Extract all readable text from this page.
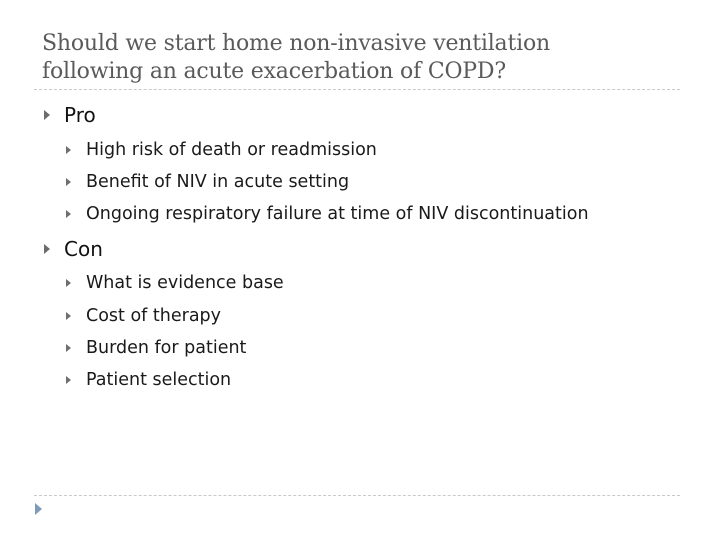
Should we start home non-invasive ventilation
following an acute exacerbation of COPD?
Pro
High risk of death or readmission
Benefit of NIV in acute setting
Ongoing respiratory failure at time of NIV discontinuation
Con
What is evidence base
Cost of therapy
Burden for patient
Patient selection
